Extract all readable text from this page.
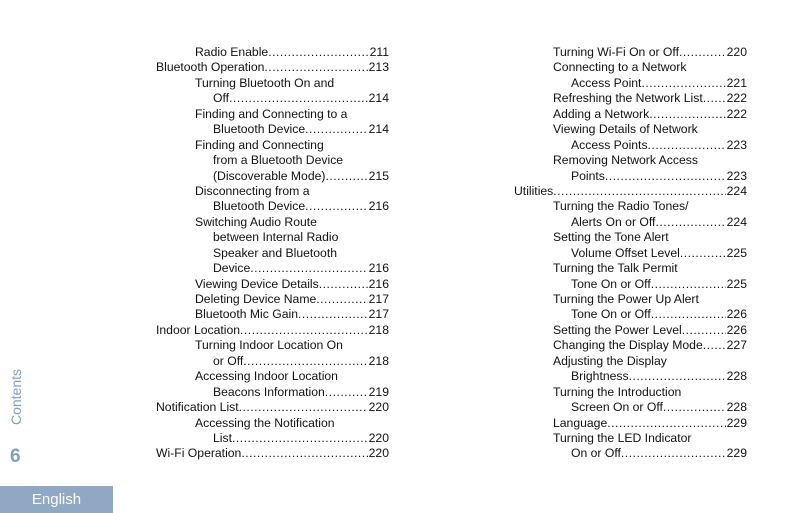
Radio Enable .....	211
Bluetooth Operation .....	213
Turning Bluetooth On and
Off .....	214
Finding and Connecting to a
Bluetooth Device .....	214
Finding and Connecting
from a Bluetooth Device
(Discoverable Mode) .....	215
Disconnecting from a
Bluetooth Device .....	216
Switching Audio Route
between Internal Radio
Speaker and Bluetooth
Device .....	216
Viewing Device Details .....	216
Deleting Device Name .....	217
Bluetooth Mic Gain .....	217
Indoor Location .....	218
Turning Indoor Location On
or Off .....	218
Accessing Indoor Location
Beacons Information .....	219
Notification List .....	220
Accessing the Notification
List .....	220
Wi-Fi Operation .....	220
Turning Wi-Fi On or Off .....	220
Connecting to a Network
Access Point .....	221
Refreshing the Network List ..... 222
Adding a Network .....	222
Viewing Details of Network
Access Points .....	223
Removing Network Access
Points .....	223
Utilities .....	224
Turning the Radio Tones/
Alerts On or Off .....	224
Setting the Tone Alert
Volume Offset Level .....	225
Turning the Talk Permit
Tone On or Off .....	225
Turning the Power Up Alert
Tone On or Off .....	226
Setting the Power Level .....	226
Changing the Display Mode ..... 227
Adjusting the Display
Brightness .....	228
Turning the Introduction
Screen On or Off .....	228
Language .....	229
Turning the LED Indicator
On or Off .....	229
Contents
6
English
